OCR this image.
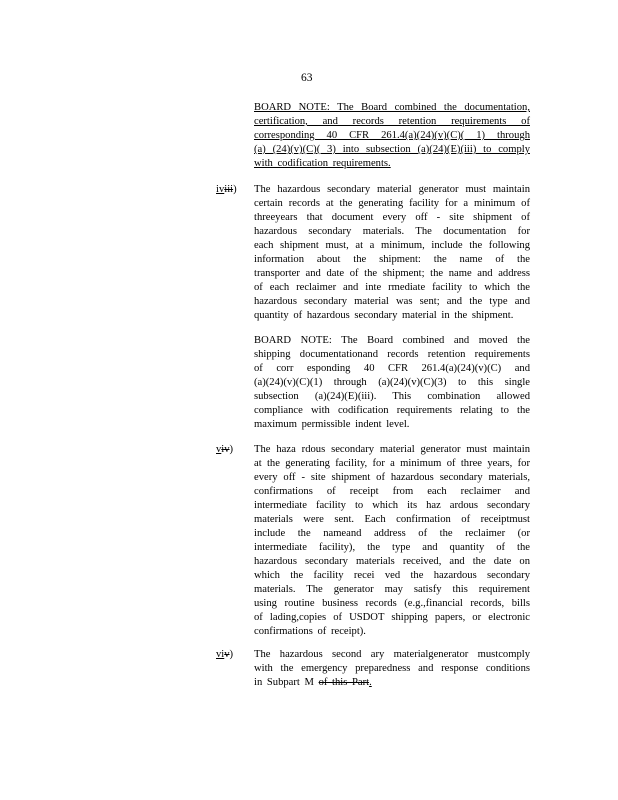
63
BOARD NOTE: The Board combined the documentation,
certification, and records retention requirements of
corresponding 40 CFR 261.4(a)(24)(v)(C)( 1) through
(a) (24)(v)(C)( 3) into subsection (a)(24)(E)(iii) to comply
with codification requirements.
iviii) The hazardous secondary material generator must maintain
certain records at the generating facility for a minimum of
threeyears that document every off - site shipment of
hazardous secondary materials. The documentation for
each shipment must, at a minimum, include the following
information about the shipment: the name of the
transporter and date of the shipment; the name and address
of each reclaimer and inte rmediate facility to which the
hazardous secondary material was sent; and the type and
quantity of hazardous secondary material in the shipment.
BOARD NOTE: The Board combined and moved the
shipping documentationand records retention requirements
of corr esponding 40 CFR 261.4(a)(24)(v)(C) and
(a)(24)(v)(C)(1) through (a)(24)(v)(C)(3) to this single
subsection (a)(24)(E)(iii). This combination allowed
compliance with codification requirements relating to the
maximum permissible indent level.
viv) The haza rdous secondary material generator must maintain
at the generating facility, for a minimum of three years, for
every off - site shipment of hazardous secondary materials,
confirmations of receipt from each reclaimer and
intermediate facility to which its haz ardous secondary
materials were sent. Each confirmation of receiptmust
include the nameand address of the reclaimer (or
intermediate facility), the type and quantity of the
hazardous secondary materials received, and the date on
which the facility recei ved the hazardous secondary
materials. The generator may satisfy this requirement
using routine business records (e.g.,financial records, bills
of lading,copies of USDOT shipping papers, or electronic
confirmations of receipt).
viv) The hazardous second ary materialgenerator mustcomply
with the emergency preparedness and response conditions
in Subpart M of this Part.
